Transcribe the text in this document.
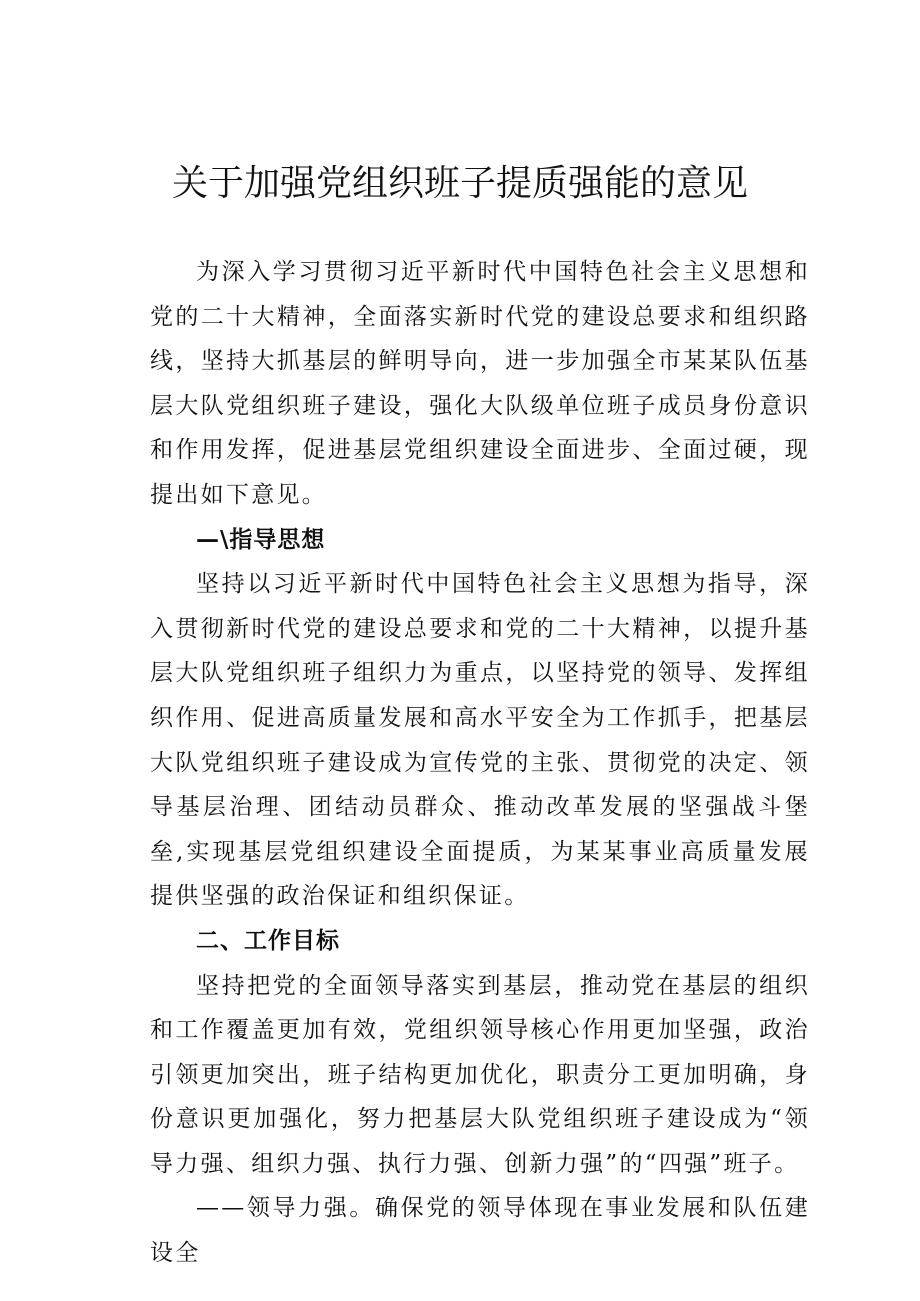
关于加强党组织班子提质强能的意见

为深入学习贯彻习近平新时代中国特色社会主义思想和党的二十大精神，全面落实新时代党的建设总要求和组织路线，坚持大抓基层的鲜明导向，进一步加强全市某某队伍基层大队党组织班子建设，强化大队级单位班子成员身份意识和作用发挥，促进基层党组织建设全面进步、全面过硬，现提出如下意见。

—\指导思想

坚持以习近平新时代中国特色社会主义思想为指导，深入贯彻新时代党的建设总要求和党的二十大精神，以提升基层大队党组织班子组织力为重点，以坚持党的领导、发挥组织作用、促进高质量发展和高水平安全为工作抓手，把基层大队党组织班子建设成为宣传党的主张、贯彻党的决定、领导基层治理、团结动员群众、推动改革发展的坚强战斗堡垒,实现基层党组织建设全面提质，为某某事业高质量发展提供坚强的政治保证和组织保证。

二、工作目标

坚持把党的全面领导落实到基层，推动党在基层的组织和工作覆盖更加有效，党组织领导核心作用更加坚强，政治引领更加突出，班子结构更加优化，职责分工更加明确，身份意识更加强化，努力把基层大队党组织班子建设成为“领导力强、组织力强、执行力强、创新力强”的“四强”班子。

——领导力强。确保党的领导体现在事业发展和队伍建设全
